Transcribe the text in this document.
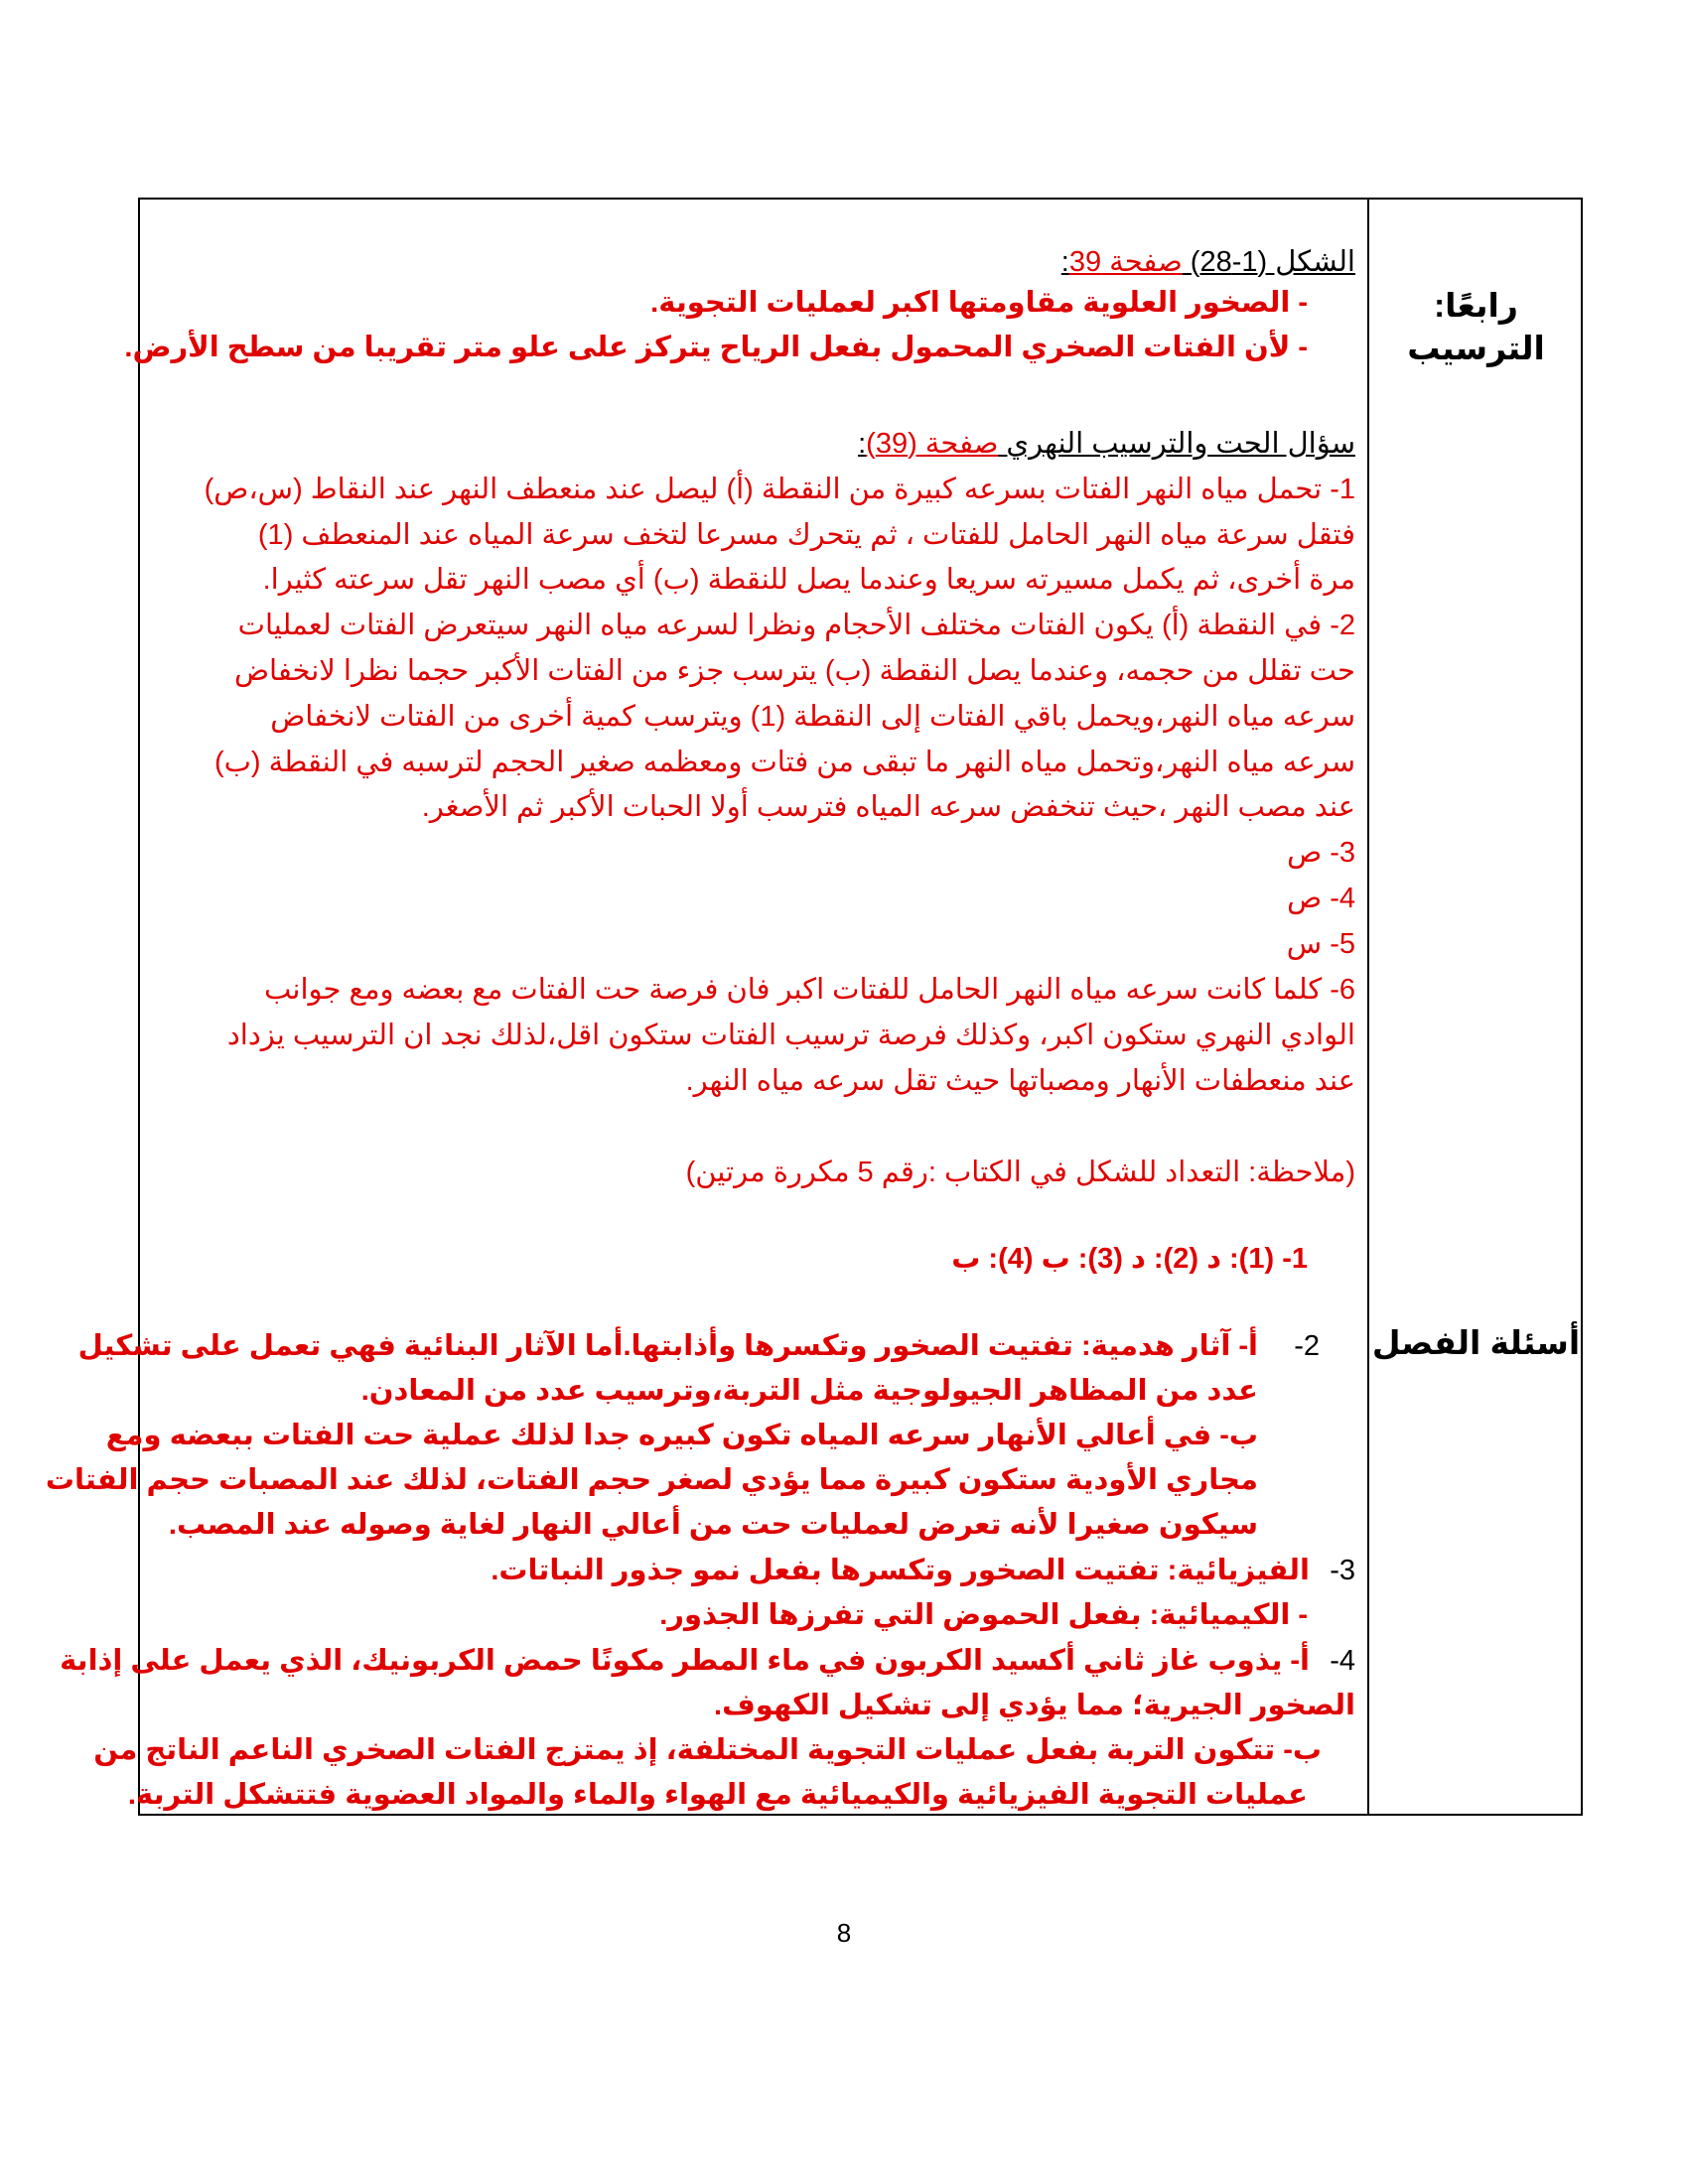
رابعًا:
الترسيب
أسئلة الفصل
الشكل (1-28) صفحة 39:
- الصخور العلوية مقاومتها اكبر لعمليات التجوية.
- لأن الفتات الصخري المحمول بفعل الرياح يتركز على علو متر تقريبا من سطح الأرض.
سؤال الحت والترسيب النهري صفحة (39):
1- تحمل مياه النهر الفتات بسرعه كبيرة من النقطة (أ) ليصل عند منعطف النهر عند النقاط (س،ص)
فتقل سرعة مياه النهر الحامل للفتات ، ثم يتحرك مسرعا لتخف سرعة المياه عند المنعطف (1)
مرة أخرى، ثم يكمل مسيرته سريعا وعندما يصل للنقطة (ب) أي مصب النهر تقل سرعته كثيرا.
2- في النقطة (أ) يكون الفتات مختلف الأحجام ونظرا لسرعه مياه النهر سيتعرض الفتات لعمليات
حت تقلل من حجمه، وعندما يصل النقطة (ب) يترسب جزء من الفتات الأكبر حجما نظرا لانخفاض
سرعه مياه النهر،ويحمل باقي الفتات إلى النقطة (1) ويترسب كمية أخرى من الفتات لانخفاض
سرعه مياه النهر،وتحمل مياه النهر ما تبقى من فتات ومعظمه صغير الحجم لترسبه في النقطة (ب)
عند مصب النهر ،حيث تنخفض سرعه المياه فترسب أولا الحبات الأكبر ثم الأصغر.
3- ص
4- ص
5- س
6- كلما كانت سرعه مياه النهر الحامل للفتات اكبر فان فرصة حت الفتات مع بعضه ومع جوانب
الوادي النهري ستكون اكبر، وكذلك فرصة ترسيب الفتات ستكون اقل،لذلك نجد ان الترسيب يزداد
عند منعطفات الأنهار ومصباتها حيث تقل سرعه مياه النهر.
(ملاحظة: التعداد للشكل في الكتاب :رقم 5 مكررة مرتين)
1- (1): د (2): د (3): ب (4): ب
2-
أ- آثار هدمية: تفتيت الصخور وتكسرها وأذابتها.أما الآثار البنائية فهي تعمل على تشكيل
عدد من المظاهر الجيولوجية مثل التربة،وترسيب عدد من المعادن.
ب- في أعالي الأنهار سرعه المياه تكون كبيره جدا لذلك عملية حت الفتات ببعضه ومع
مجاري الأودية ستكون كبيرة مما يؤدي لصغر حجم الفتات، لذلك عند المصبات حجم الفتات
سيكون صغيرا لأنه تعرض لعمليات حت من أعالي النهار لغاية وصوله عند المصب.
3-
الفيزيائية: تفتيت الصخور وتكسرها بفعل نمو جذور النباتات.
- الكيميائية: بفعل الحموض التي تفرزها الجذور.
4-
أ- يذوب غاز ثاني أكسيد الكربون في ماء المطر مكونًا حمض الكربونيك، الذي يعمل على إذابة
الصخور الجيرية؛ مما يؤدي إلى تشكيل الكهوف.
ب- تتكون التربة بفعل عمليات التجوية المختلفة، إذ يمتزج الفتات الصخري الناعم الناتج من
عمليات التجوية الفيزيائية والكيميائية مع الهواء والماء والمواد العضوية فتتشكل التربة.
8
